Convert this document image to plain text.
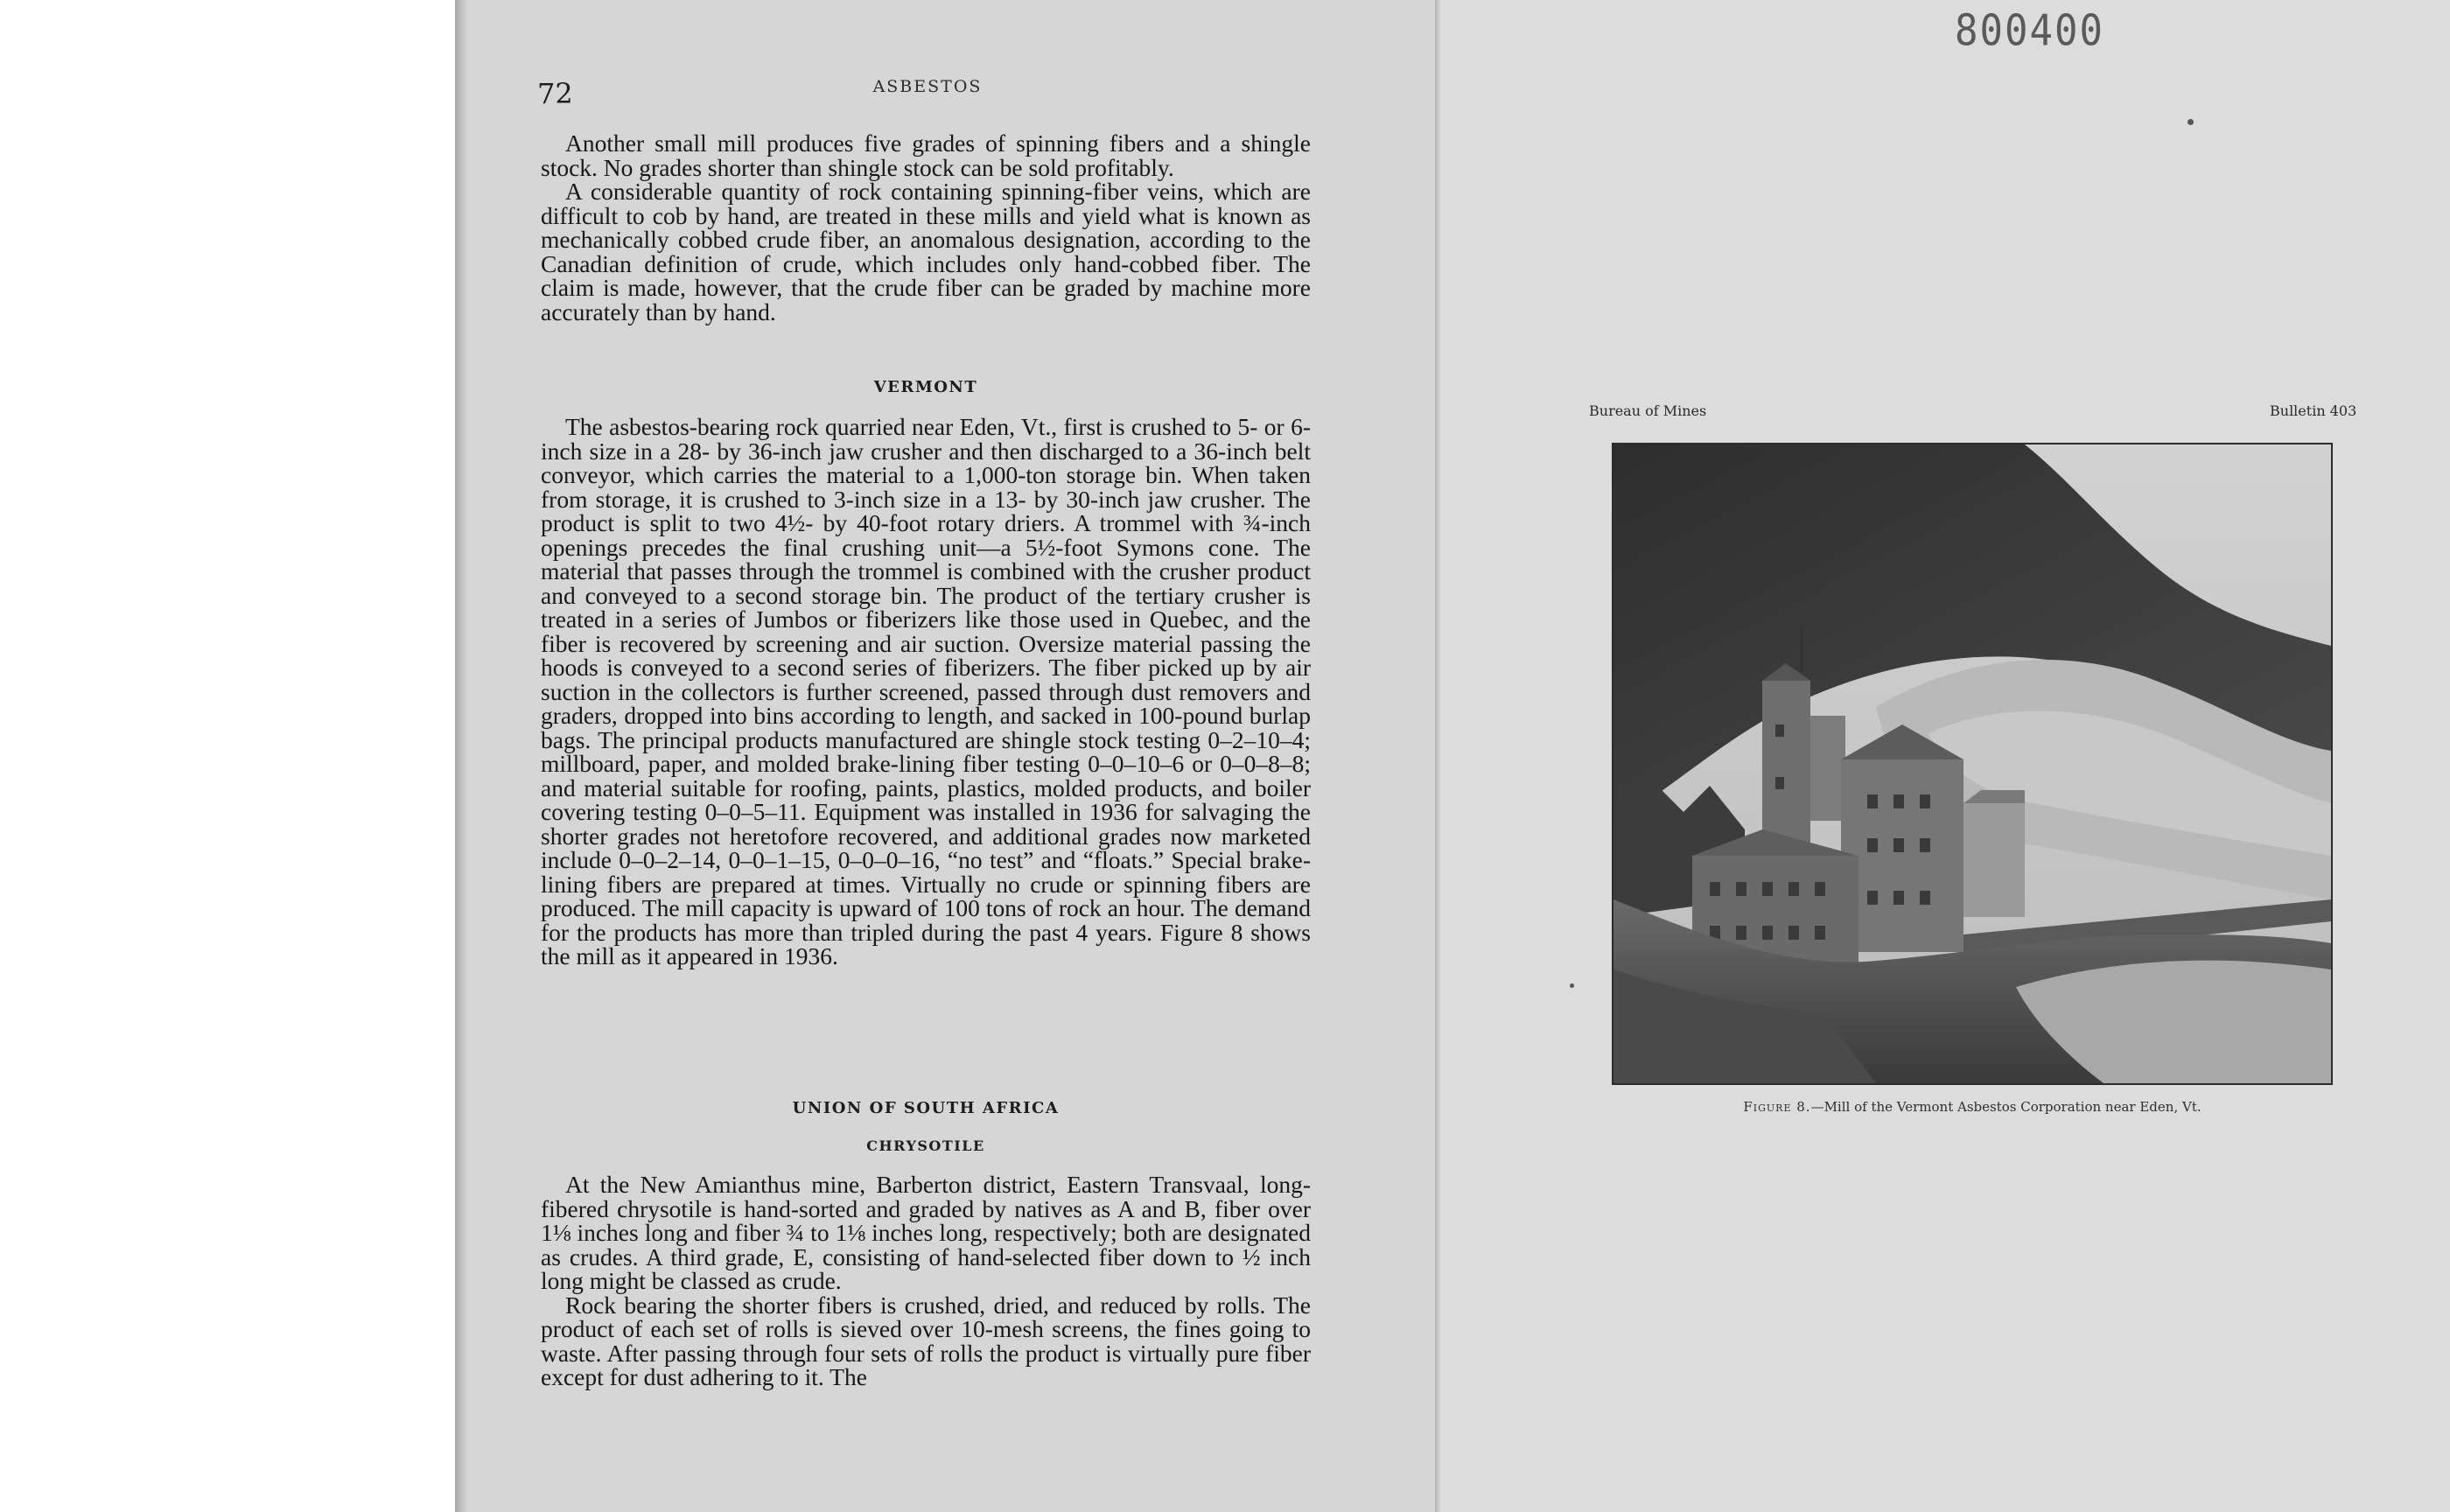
72	ASBESTOS

Another small mill produces five grades of spinning fibers and a shingle stock. No grades shorter than shingle stock can be sold profitably.

A considerable quantity of rock containing spinning-fiber veins, which are difficult to cob by hand, are treated in these mills and yield what is known as mechanically cobbed crude fiber, an anomalous designation, according to the Canadian definition of crude, which includes only hand-cobbed fiber. The claim is made, however, that the crude fiber can be graded by machine more accurately than by hand.

VERMONT

The asbestos-bearing rock quarried near Eden, Vt., first is crushed to 5- or 6-inch size in a 28- by 36-inch jaw crusher and then discharged to a 36-inch belt conveyor, which carries the material to a 1,000-ton storage bin. When taken from storage, it is crushed to 3-inch size in a 13- by 30-inch jaw crusher. The product is split to two 4½- by 40-foot rotary driers. A trommel with ¾-inch openings precedes the final crushing unit—a 5½-foot Symons cone. The material that passes through the trommel is combined with the crusher product and conveyed to a second storage bin. The product of the tertiary crusher is treated in a series of Jumbos or fiberizers like those used in Quebec, and the fiber is recovered by screening and air suction. Oversize material passing the hoods is conveyed to a second series of fiberizers. The fiber picked up by air suction in the collectors is further screened, passed through dust removers and graders, dropped into bins according to length, and sacked in 100-pound burlap bags. The principal products manufactured are shingle stock testing 0–2–10–4; millboard, paper, and molded brake-lining fiber testing 0–0–10–6 or 0–0–8–8; and material suitable for roofing, paints, plastics, molded products, and boiler covering testing 0–0–5–11. Equipment was installed in 1936 for salvaging the shorter grades not heretofore recovered, and additional grades now marketed include 0–0–2–14, 0–0–1–15, 0–0–0–16, “no test” and “floats.” Special brake-lining fibers are prepared at times. Virtually no crude or spinning fibers are produced. The mill capacity is upward of 100 tons of rock an hour. The demand for the products has more than tripled during the past 4 years. Figure 8 shows the mill as it appeared in 1936.

UNION OF SOUTH AFRICA
CHRYSOTILE

At the New Amianthus mine, Barberton district, Eastern Transvaal, long-fibered chrysotile is hand-sorted and graded by natives as A and B, fiber over 1⅛ inches long and fiber ¾ to 1⅛ inches long, respectively; both are designated as crudes. A third grade, E, consisting of hand-selected fiber down to ½ inch long might be classed as crude.

Rock bearing the shorter fibers is crushed, dried, and reduced by rolls. The product of each set of rolls is sieved over 10-mesh screens, the fines going to waste. After passing through four sets of rolls the product is virtually pure fiber except for dust adhering to it. The

800400
Bureau of Mines	Bulletin 403
Figure 8.—Mill of the Vermont Asbestos Corporation near Eden, Vt.
